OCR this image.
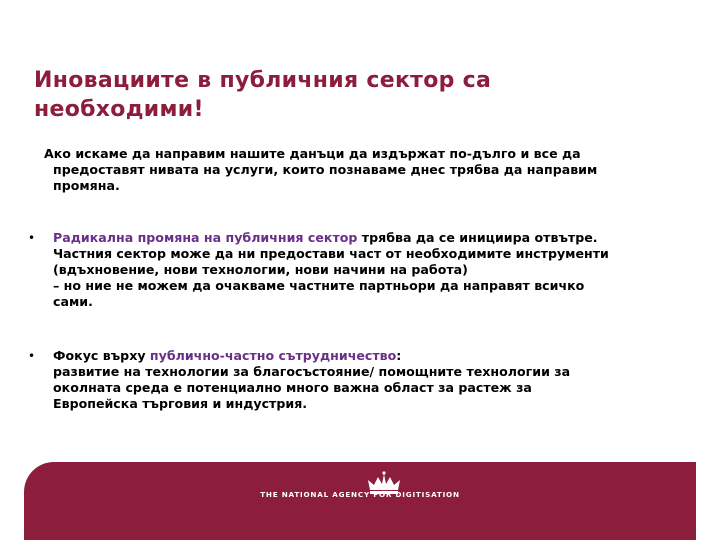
Иновациите в публичния сектор са
необходими!

Ако искаме да направим нашите данъци да издържат по-дълго и все да
предоставят нивата на услуги, които познаваме днес трябва да направим
промяна.

• Радикална промяна на публичния сектор трябва да се инициира отвътре.
Частния сектор може да ни предостави част от необходимите инструменти
(вдъхновение, нови технологии, нови начини на работа)
– но ние не можем да очакваме частните партньори да направят всичко
сами.
• Фокус върху публично-частно сътрудничество:
развитие на технологии за благосъстояние/ помощните технологии за
околната среда е потенциално много важна област за растеж за
Европейска търговия и индустрия.
THE NATIONAL AGENCY FOR DIGITISATION
